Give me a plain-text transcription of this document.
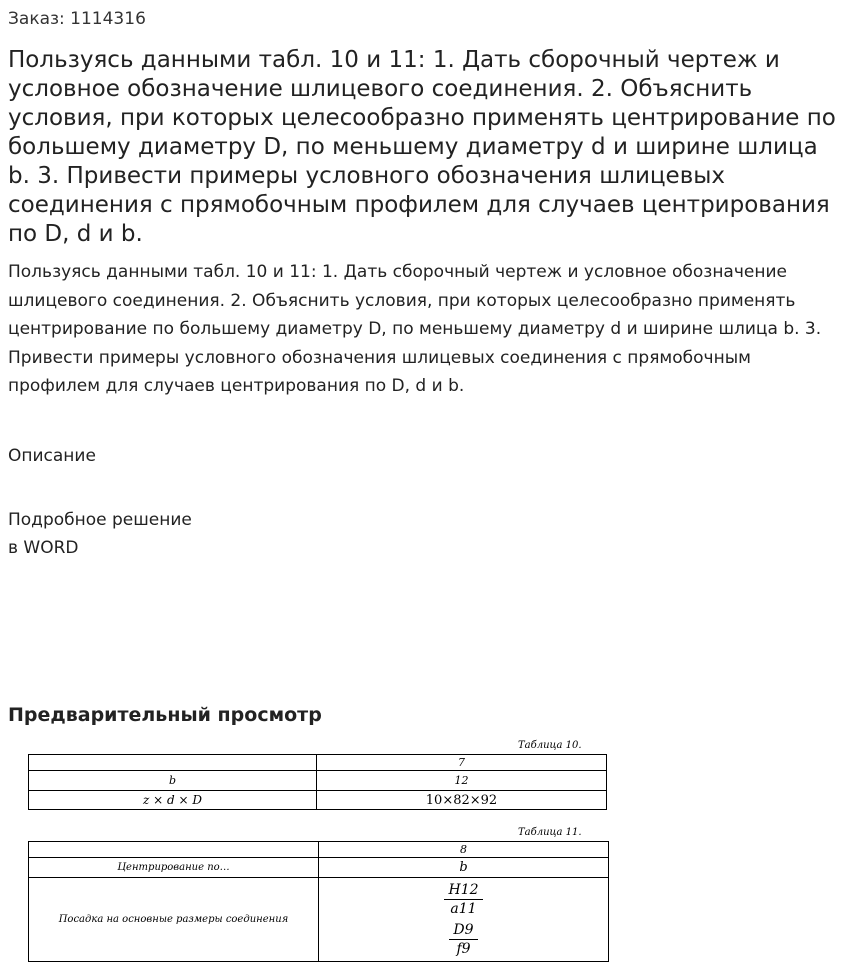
Заказ: 1114316
Пользуясь данными табл. 10 и 11: 1. Дать сборочный чертеж и условное обозначение шлицевого соединения. 2. Объяснить условия, при которых целесообразно применять центрирование по большему диаметру D, по меньшему диаметру d и ширине шлица b. 3. Привести примеры условного обозначения шлицевых соединения с прямобочным профилем для случаев центрирования по D, d и b.

Пользуясь данными табл. 10 и 11: 1. Дать сборочный чертеж и условное обозначение шлицевого соединения. 2. Объяснить условия, при которых целесообразно применять центрирование по большему диаметру D, по меньшему диаметру d и ширине шлица b. 3. Привести примеры условного обозначения шлицевых соединения с прямобочным профилем для случаев центрирования по D, d и b.

Описание
Подробное решение
в WORD
Предварительный просмотр
Таблица 10.
	7
b	12
z × d × D	10×82×92
Таблица 11.
	8
Центрирование по…	b
Посадка на основные размеры соединения	$\frac{H12}{a11}$
$\frac{D9}{f9}$
